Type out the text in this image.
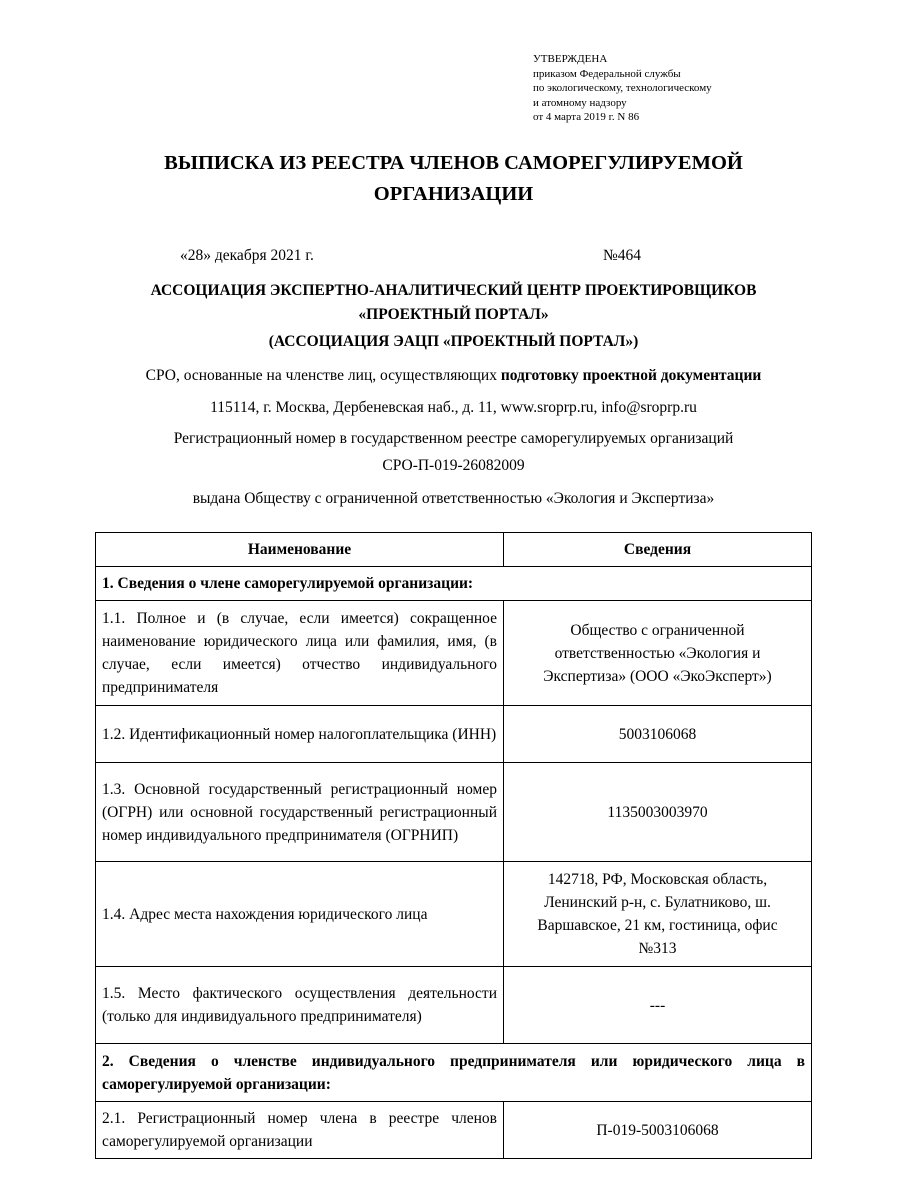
УТВЕРЖДЕНА
приказом Федеральной службы
по экологическому, технологическому
и атомному надзору
от 4 марта 2019 г. N 86
ВЫПИСКА ИЗ РЕЕСТРА ЧЛЕНОВ САМОРЕГУЛИРУЕМОЙ
ОРГАНИЗАЦИИ
«28» декабря 2021 г.	№464
АССОЦИАЦИЯ ЭКСПЕРТНО-АНАЛИТИЧЕСКИЙ ЦЕНТР ПРОЕКТИРОВЩИКОВ
«ПРОЕКТНЫЙ ПОРТАЛ»
(АССОЦИАЦИЯ ЭАЦП «ПРОЕКТНЫЙ ПОРТАЛ»)
СРО, основанные на членстве лиц, осуществляющих подготовку проектной документации
115114, г. Москва, Дербеневская наб., д. 11, www.sroprp.ru, info@sroprp.ru
Регистрационный номер в государственном реестре саморегулируемых организаций
СРО-П-019-26082009
выдана Обществу с ограниченной ответственностью «Экология и Экспертиза»
Наименование	Сведения
1. Сведения о члене саморегулируемой организации:	
1.1. Полное и (в случае, если имеется) сокращенное наименование юридического лица или фамилия, имя, (в случае, если имеется) отчество индивидуального предпринимателя	Общество с ограниченной ответственностью «Экология и Экспертиза» (ООО «ЭкоЭксперт»)
1.2. Идентификационный номер налогоплательщика (ИНН)	5003106068
1.3. Основной государственный регистрационный номер (ОГРН) или основной государственный регистрационный номер индивидуального предпринимателя (ОГРНИП)	1135003003970
1.4. Адрес места нахождения юридического лица	142718, РФ, Московская область, Ленинский р-н, с. Булатниково, ш. Варшавское, 21 км, гостиница, офис №313
1.5. Место фактического осуществления деятельности (только для индивидуального предпринимателя)	---
2. Сведения о членстве индивидуального предпринимателя или юридического лица в саморегулируемой организации:	
2.1. Регистрационный номер члена в реестре членов саморегулируемой организации	П-019-5003106068
